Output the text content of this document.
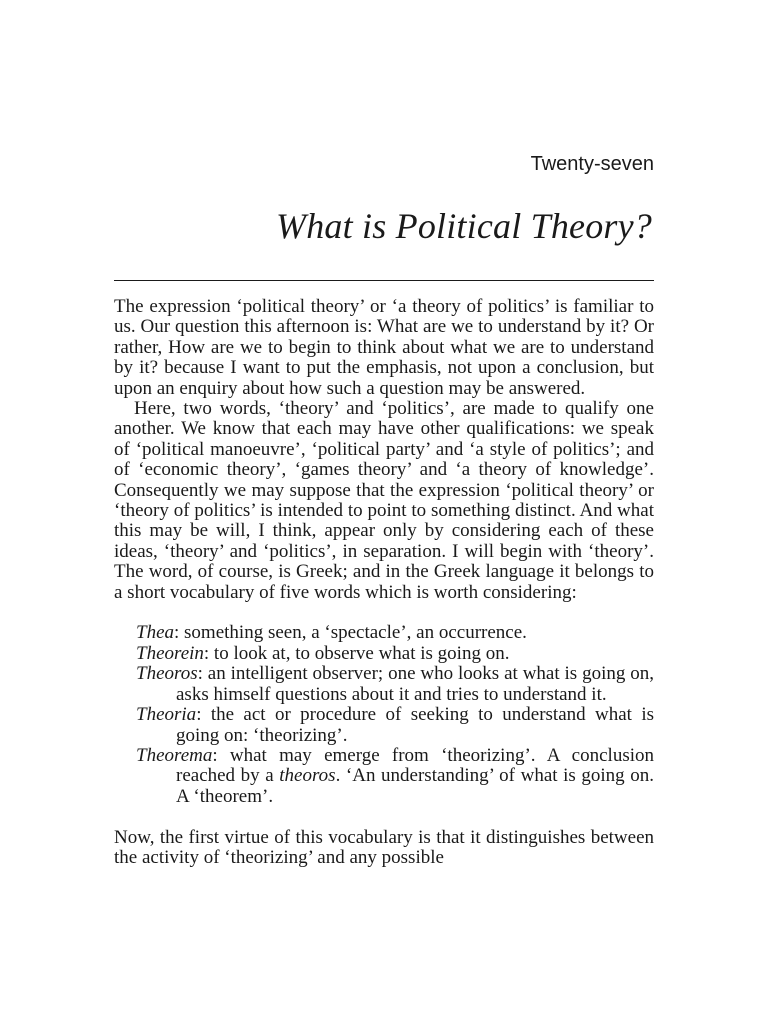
Twenty-seven
What is Political Theory?

The expression ‘political theory’ or ‘a theory of politics’ is familiar to us. Our question this afternoon is: What are we to understand by it? Or rather, How are we to begin to think about what we are to understand by it? because I want to put the emphasis, not upon a conclusion, but upon an enquiry about how such a question may be answered.

Here, two words, ‘theory’ and ‘politics’, are made to qualify one another. We know that each may have other qualifications: we speak of ‘political manoeuvre’, ‘political party’ and ‘a style of politics’; and of ‘economic theory’, ‘games theory’ and ‘a theory of knowledge’. Consequently we may suppose that the expression ‘political theory’ or ‘theory of politics’ is intended to point to something distinct. And what this may be will, I think, appear only by considering each of these ideas, ‘theory’ and ‘politics’, in separation. I will begin with ‘theory’. The word, of course, is Greek; and in the Greek language it belongs to a short vocabulary of five words which is worth considering:

Thea: something seen, a ‘spectacle’, an occurrence.
Theorein: to look at, to observe what is going on.
Theoros: an intelligent observer; one who looks at what is going on, asks himself questions about it and tries to understand it.
Theoria: the act or procedure of seeking to understand what is going on: ‘theorizing’.
Theorema: what may emerge from ‘theorizing’. A conclusion reached by a theoros. ‘An understanding’ of what is going on. A ‘theorem’.

Now, the first virtue of this vocabulary is that it distinguishes between the activity of ‘theorizing’ and any possible
